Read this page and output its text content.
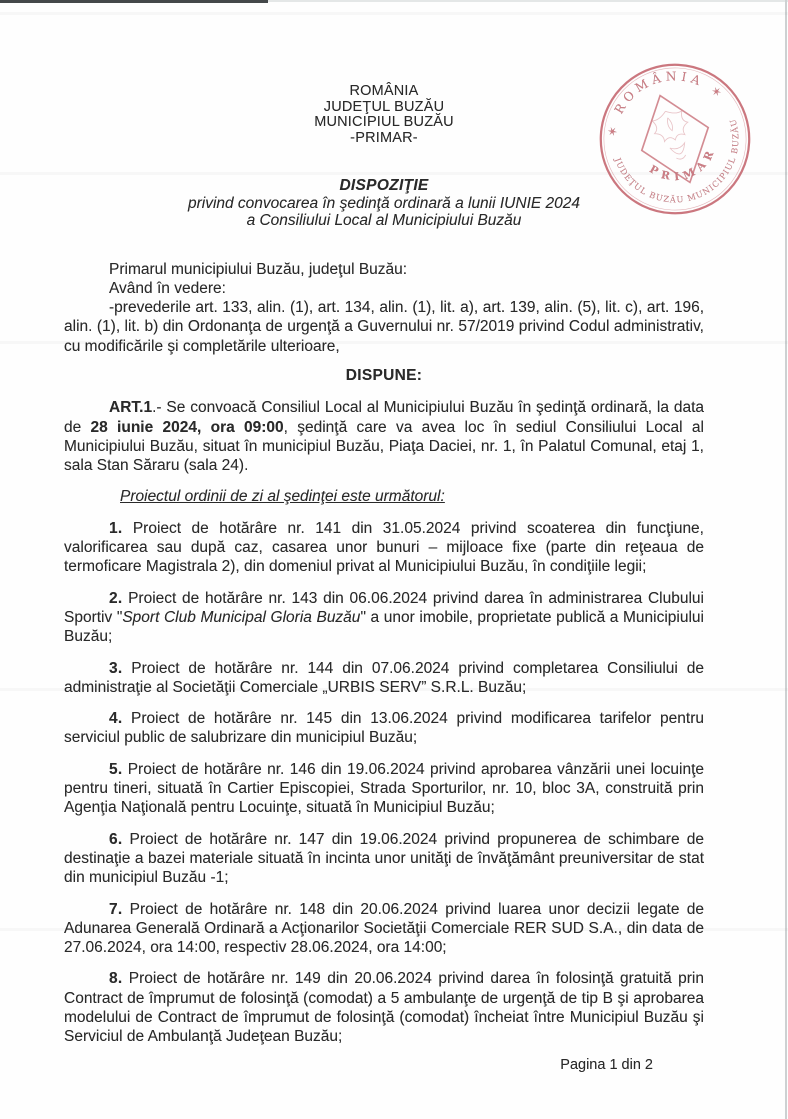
✶ ROMÂNIA ✶
JUDEŢUL BUZĂU MUNICIPIUL BUZĂU
PRIMAR
ROMÂNIA
JUDEŢUL BUZĂU
MUNICIPIUL BUZĂU
-PRIMAR-
DISPOZIŢIE
privind convocarea în şedinţă ordinară a lunii IUNIE 2024
a Consiliului Local al Municipiului Buzău

Primarul municipiului Buzău, judeţul Buzău:

Având în vedere:

-prevederile art. 133, alin. (1), art. 134, alin. (1), lit. a), art. 139, alin. (5), lit. c), art. 196, alin. (1), lit. b) din Ordonanţa de urgenţă a Guvernului nr. 57/2019 privind Codul administrativ, cu modificările şi completările ulterioare,

DISPUNE:

ART.1.- Se convoacă Consiliul Local al Municipiului Buzău în şedinţă ordinară, la data de 28 iunie 2024, ora 09:00, şedinţă care va avea loc în sediul Consiliului Local al Municipiului Buzău, situat în municipiul Buzău, Piaţa Daciei, nr. 1, în Palatul Comunal, etaj 1, sala Stan Săraru (sala 24).

Proiectul ordinii de zi al şedinţei este următorul:

1. Proiect de hotărâre nr. 141 din 31.05.2024 privind scoaterea din funcţiune, valorificarea sau după caz, casarea unor bunuri – mijloace fixe (parte din reţeaua de termoficare Magistrala 2), din domeniul privat al Municipiului Buzău, în condiţiile legii;

2. Proiect de hotărâre nr. 143 din 06.06.2024 privind darea în administrarea Clubului Sportiv "Sport Club Municipal Gloria Buzău" a unor imobile, proprietate publică a Municipiului Buzău;

3. Proiect de hotărâre nr. 144 din 07.06.2024 privind completarea Consiliului de administraţie al Societăţii Comerciale „URBIS SERV” S.R.L. Buzău;

4. Proiect de hotărâre nr. 145 din 13.06.2024 privind modificarea tarifelor pentru serviciul public de salubrizare din municipiul Buzău;

5. Proiect de hotărâre nr. 146 din 19.06.2024 privind aprobarea vânzării unei locuinţe pentru tineri, situată în Cartier Episcopiei, Strada Sporturilor, nr. 10, bloc 3A, construită prin Agenţia Naţională pentru Locuinţe, situată în Municipiul Buzău;

6. Proiect de hotărâre nr. 147 din 19.06.2024 privind propunerea de schimbare de destinaţie a bazei materiale situată în incinta unor unităţi de învăţământ preuniversitar de stat din municipiul Buzău -1;

7. Proiect de hotărâre nr. 148 din 20.06.2024 privind luarea unor decizii legate de Adunarea Generală Ordinară a Acţionarilor Societăţii Comerciale RER SUD S.A., din data de 27.06.2024, ora 14:00, respectiv 28.06.2024, ora 14:00;

8. Proiect de hotărâre nr. 149 din 20.06.2024 privind darea în folosinţă gratuită prin Contract de împrumut de folosinţă (comodat) a 5 ambulanţe de urgenţă de tip B şi aprobarea modelului de Contract de împrumut de folosinţă (comodat) încheiat între Municipiul Buzău şi Serviciul de Ambulanţă Judeţean Buzău;

Pagina 1 din 2
